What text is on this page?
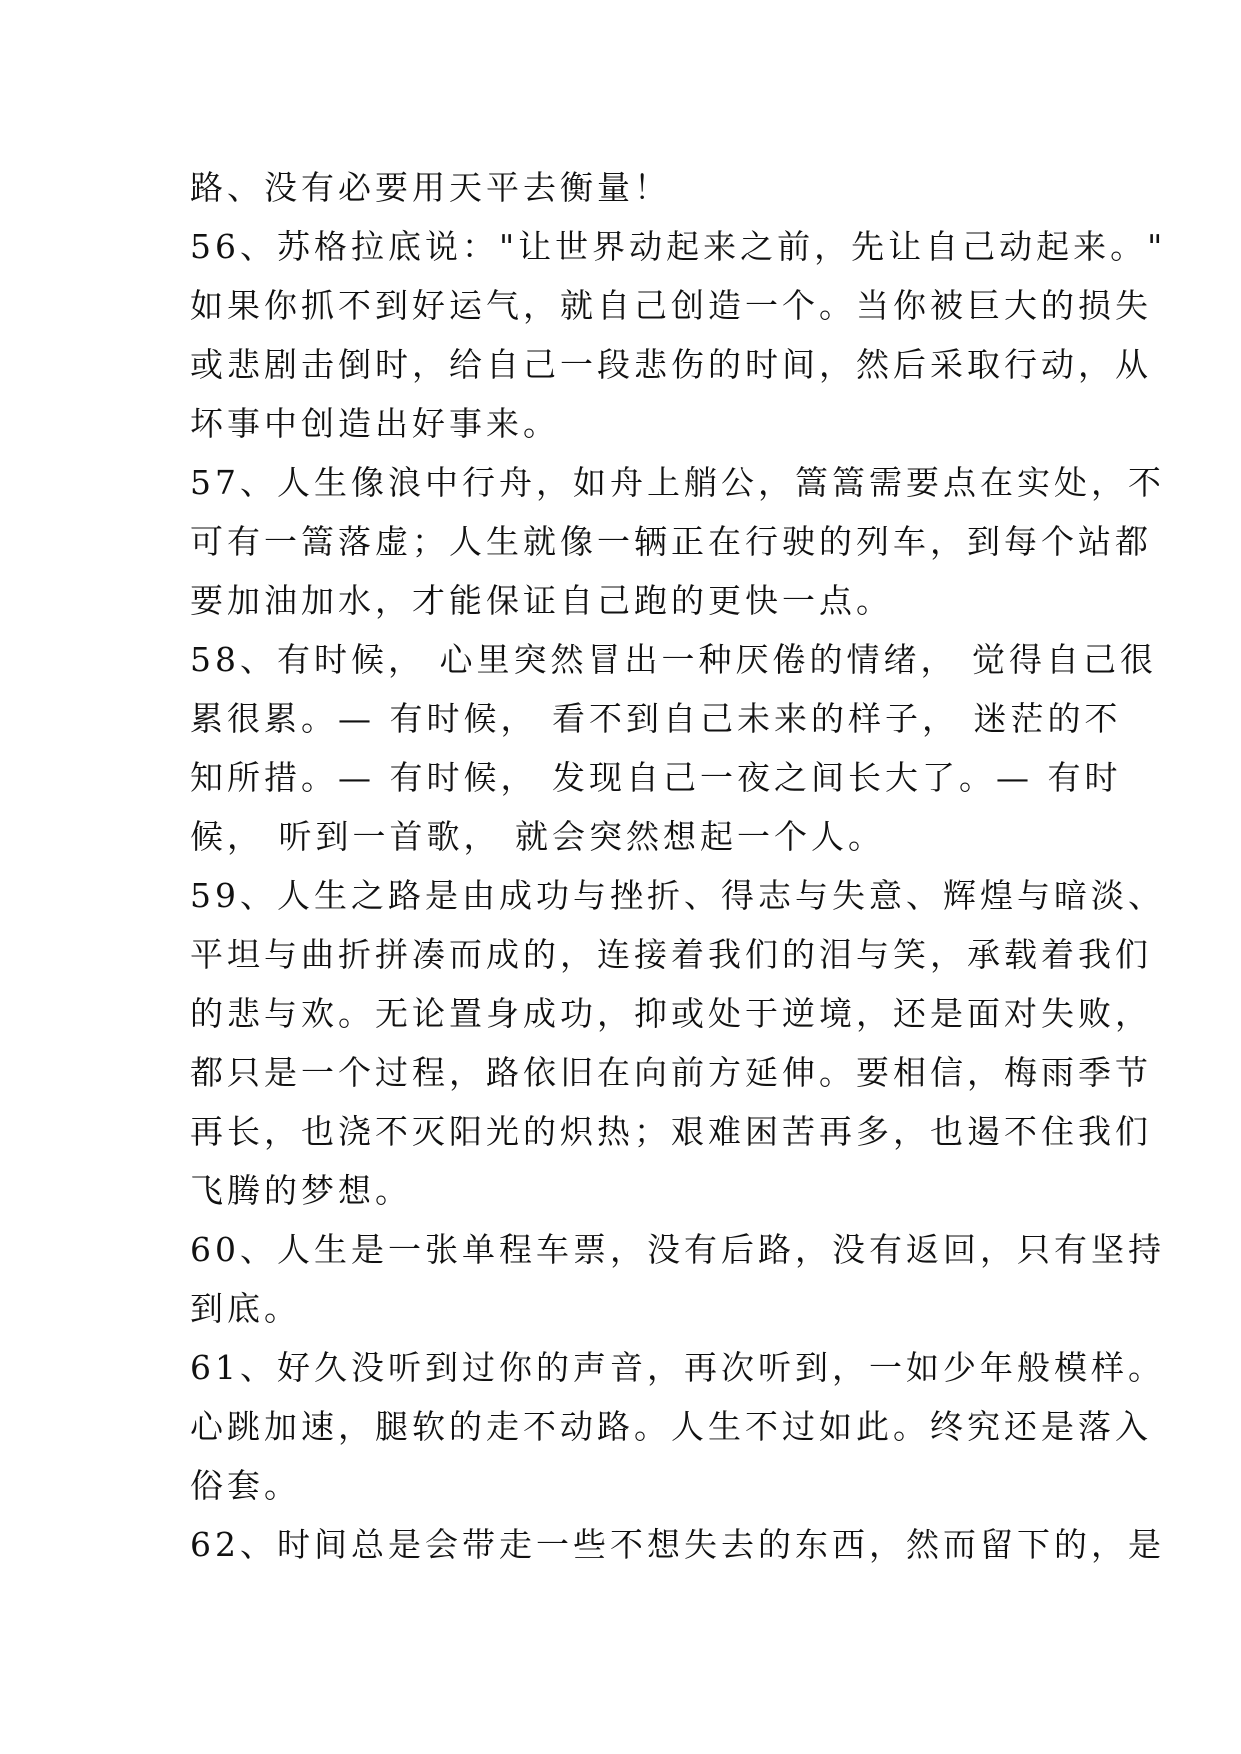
路、没有必要用天平去衡量！
56、苏格拉底说："让世界动起来之前，先让自己动起来。"
如果你抓不到好运气，就自己创造一个。当你被巨大的损失
或悲剧击倒时，给自己一段悲伤的时间，然后采取行动，从
坏事中创造出好事来。
57、人生像浪中行舟，如舟上艄公，篙篙需要点在实处，不
可有一篙落虚；人生就像一辆正在行驶的列车，到每个站都
要加油加水，才能保证自己跑的更快一点。
58、有时候， 心里突然冒出一种厌倦的情绪， 觉得自己很
累很累。— 有时候， 看不到自己未来的样子， 迷茫的不
知所措。— 有时候， 发现自己一夜之间长大了。— 有时
候， 听到一首歌， 就会突然想起一个人。
59、人生之路是由成功与挫折、得志与失意、辉煌与暗淡、
平坦与曲折拼凑而成的，连接着我们的泪与笑，承载着我们
的悲与欢。无论置身成功，抑或处于逆境，还是面对失败，
都只是一个过程，路依旧在向前方延伸。要相信，梅雨季节
再长，也浇不灭阳光的炽热；艰难困苦再多，也遏不住我们
飞腾的梦想。
60、人生是一张单程车票，没有后路，没有返回，只有坚持
到底。
61、好久没听到过你的声音，再次听到，一如少年般模样。
心跳加速，腿软的走不动路。人生不过如此。终究还是落入
俗套。
62、时间总是会带走一些不想失去的东西，然而留下的，是
